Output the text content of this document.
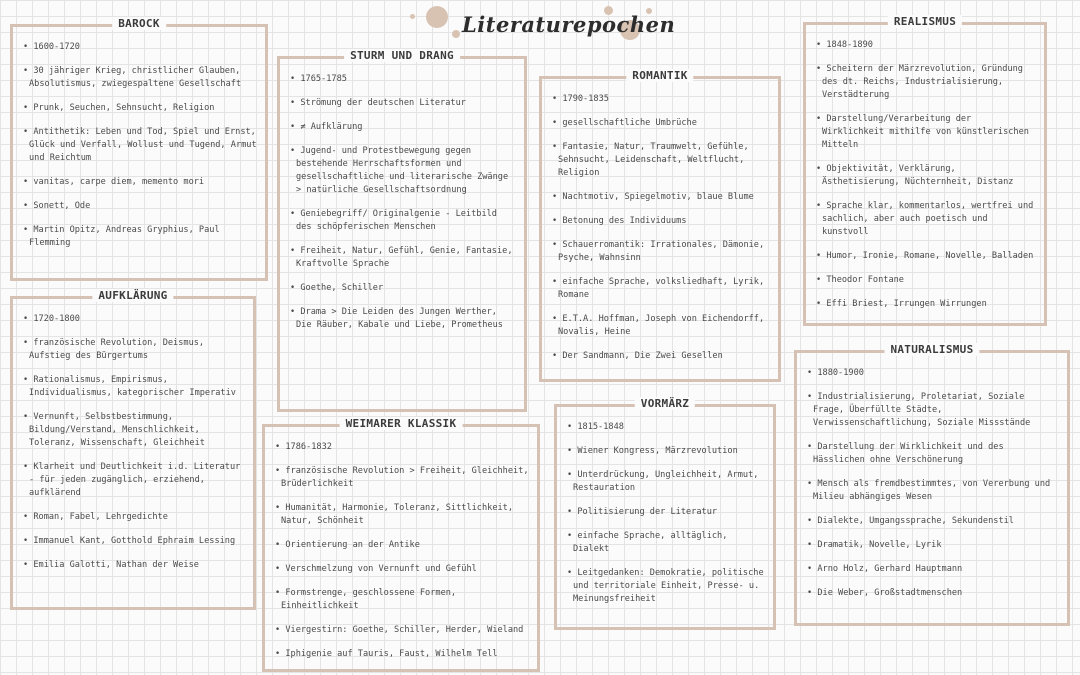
Literaturepochen
BAROCK
• 1600-1720
• 30 jähriger Krieg, christlicher Glauben, Absolutismus, zwiegespaltene Gesellschaft
• Prunk, Seuchen, Sehnsucht, Religion
• Antithetik: Leben und Tod, Spiel und Ernst, Glück und Verfall, Wollust und Tugend, Armut und Reichtum
• vanitas, carpe diem, memento mori
• Sonett, Ode
• Martin Opitz, Andreas Gryphius, Paul Flemming
AUFKLÄRUNG
• 1720-1800
• französische Revolution, Deismus, Aufstieg des Bürgertums
• Rationalismus, Empirismus, Individualismus, kategorischer Imperativ
• Vernunft, Selbstbestimmung, Bildung/Verstand, Menschlichkeit, Toleranz, Wissenschaft, Gleichheit
• Klarheit und Deutlichkeit i.d. Literatur - für jeden zugänglich, erziehend, aufklärend
• Roman, Fabel, Lehrgedichte
• Immanuel Kant, Gotthold Ephraim Lessing
• Emilia Galotti, Nathan der Weise
STURM UND DRANG
• 1765-1785
• Strömung der deutschen Literatur
• ≠ Aufklärung
• Jugend- und Protestbewegung gegen bestehende Herrschaftsformen und gesellschaftliche und literarische Zwänge > natürliche Gesellschaftsordnung
• Geniebegriff/ Originalgenie - Leitbild des schöpferischen Menschen
• Freiheit, Natur, Gefühl, Genie, Fantasie, Kraftvolle Sprache
• Goethe, Schiller
• Drama > Die Leiden des Jungen Werther, Die Räuber, Kabale und Liebe, Prometheus
ROMANTIK
• 1790-1835
• gesellschaftliche Umbrüche
• Fantasie, Natur, Traumwelt, Gefühle, Sehnsucht, Leidenschaft, Weltflucht, Religion
• Nachtmotiv, Spiegelmotiv, blaue Blume
• Betonung des Individuums
• Schauerromantik: Irrationales, Dämonie, Psyche, Wahnsinn
• einfache Sprache, volksliedhaft, Lyrik, Romane
• E.T.A. Hoffman, Joseph von Eichendorff, Novalis, Heine
• Der Sandmann, Die Zwei Gesellen
WEIMARER KLASSIK
• 1786-1832
• französische Revolution > Freiheit, Gleichheit, Brüderlichkeit
• Humanität, Harmonie, Toleranz, Sittlichkeit, Natur, Schönheit
• Orientierung an der Antike
• Verschmelzung von Vernunft und Gefühl
• Formstrenge, geschlossene Formen, Einheitlichkeit
• Viergestirn: Goethe, Schiller, Herder, Wieland
• Iphigenie auf Tauris, Faust, Wilhelm Tell
VORMÄRZ
• 1815-1848
• Wiener Kongress, Märzrevolution
• Unterdrückung, Ungleichheit, Armut, Restauration
• Politisierung der Literatur
• einfache Sprache, alltäglich, Dialekt
• Leitgedanken: Demokratie, politische und territoriale Einheit, Presse- u. Meinungsfreiheit
REALISMUS
• 1848-1890
• Scheitern der Märzrevolution, Gründung des dt. Reichs, Industrialisierung, Verstädterung
• Darstellung/Verarbeitung der Wirklichkeit mithilfe von künstlerischen Mitteln
• Objektivität, Verklärung, Ästhetisierung, Nüchternheit, Distanz
• Sprache klar, kommentarlos, wertfrei und sachlich, aber auch poetisch und kunstvoll
• Humor, Ironie, Romane, Novelle, Balladen
• Theodor Fontane
• Effi Briest, Irrungen Wirrungen
NATURALISMUS
• 1880-1900
• Industrialisierung, Proletariat, Soziale Frage, Überfüllte Städte, Verwissenschaftlichung, Soziale Missstände
• Darstellung der Wirklichkeit und des Hässlichen ohne Verschönerung
• Mensch als fremdbestimmtes, von Vererbung und Milieu abhängiges Wesen
• Dialekte, Umgangssprache, Sekundenstil
• Dramatik, Novelle, Lyrik
• Arno Holz, Gerhard Hauptmann
• Die Weber, Großstadtmenschen
